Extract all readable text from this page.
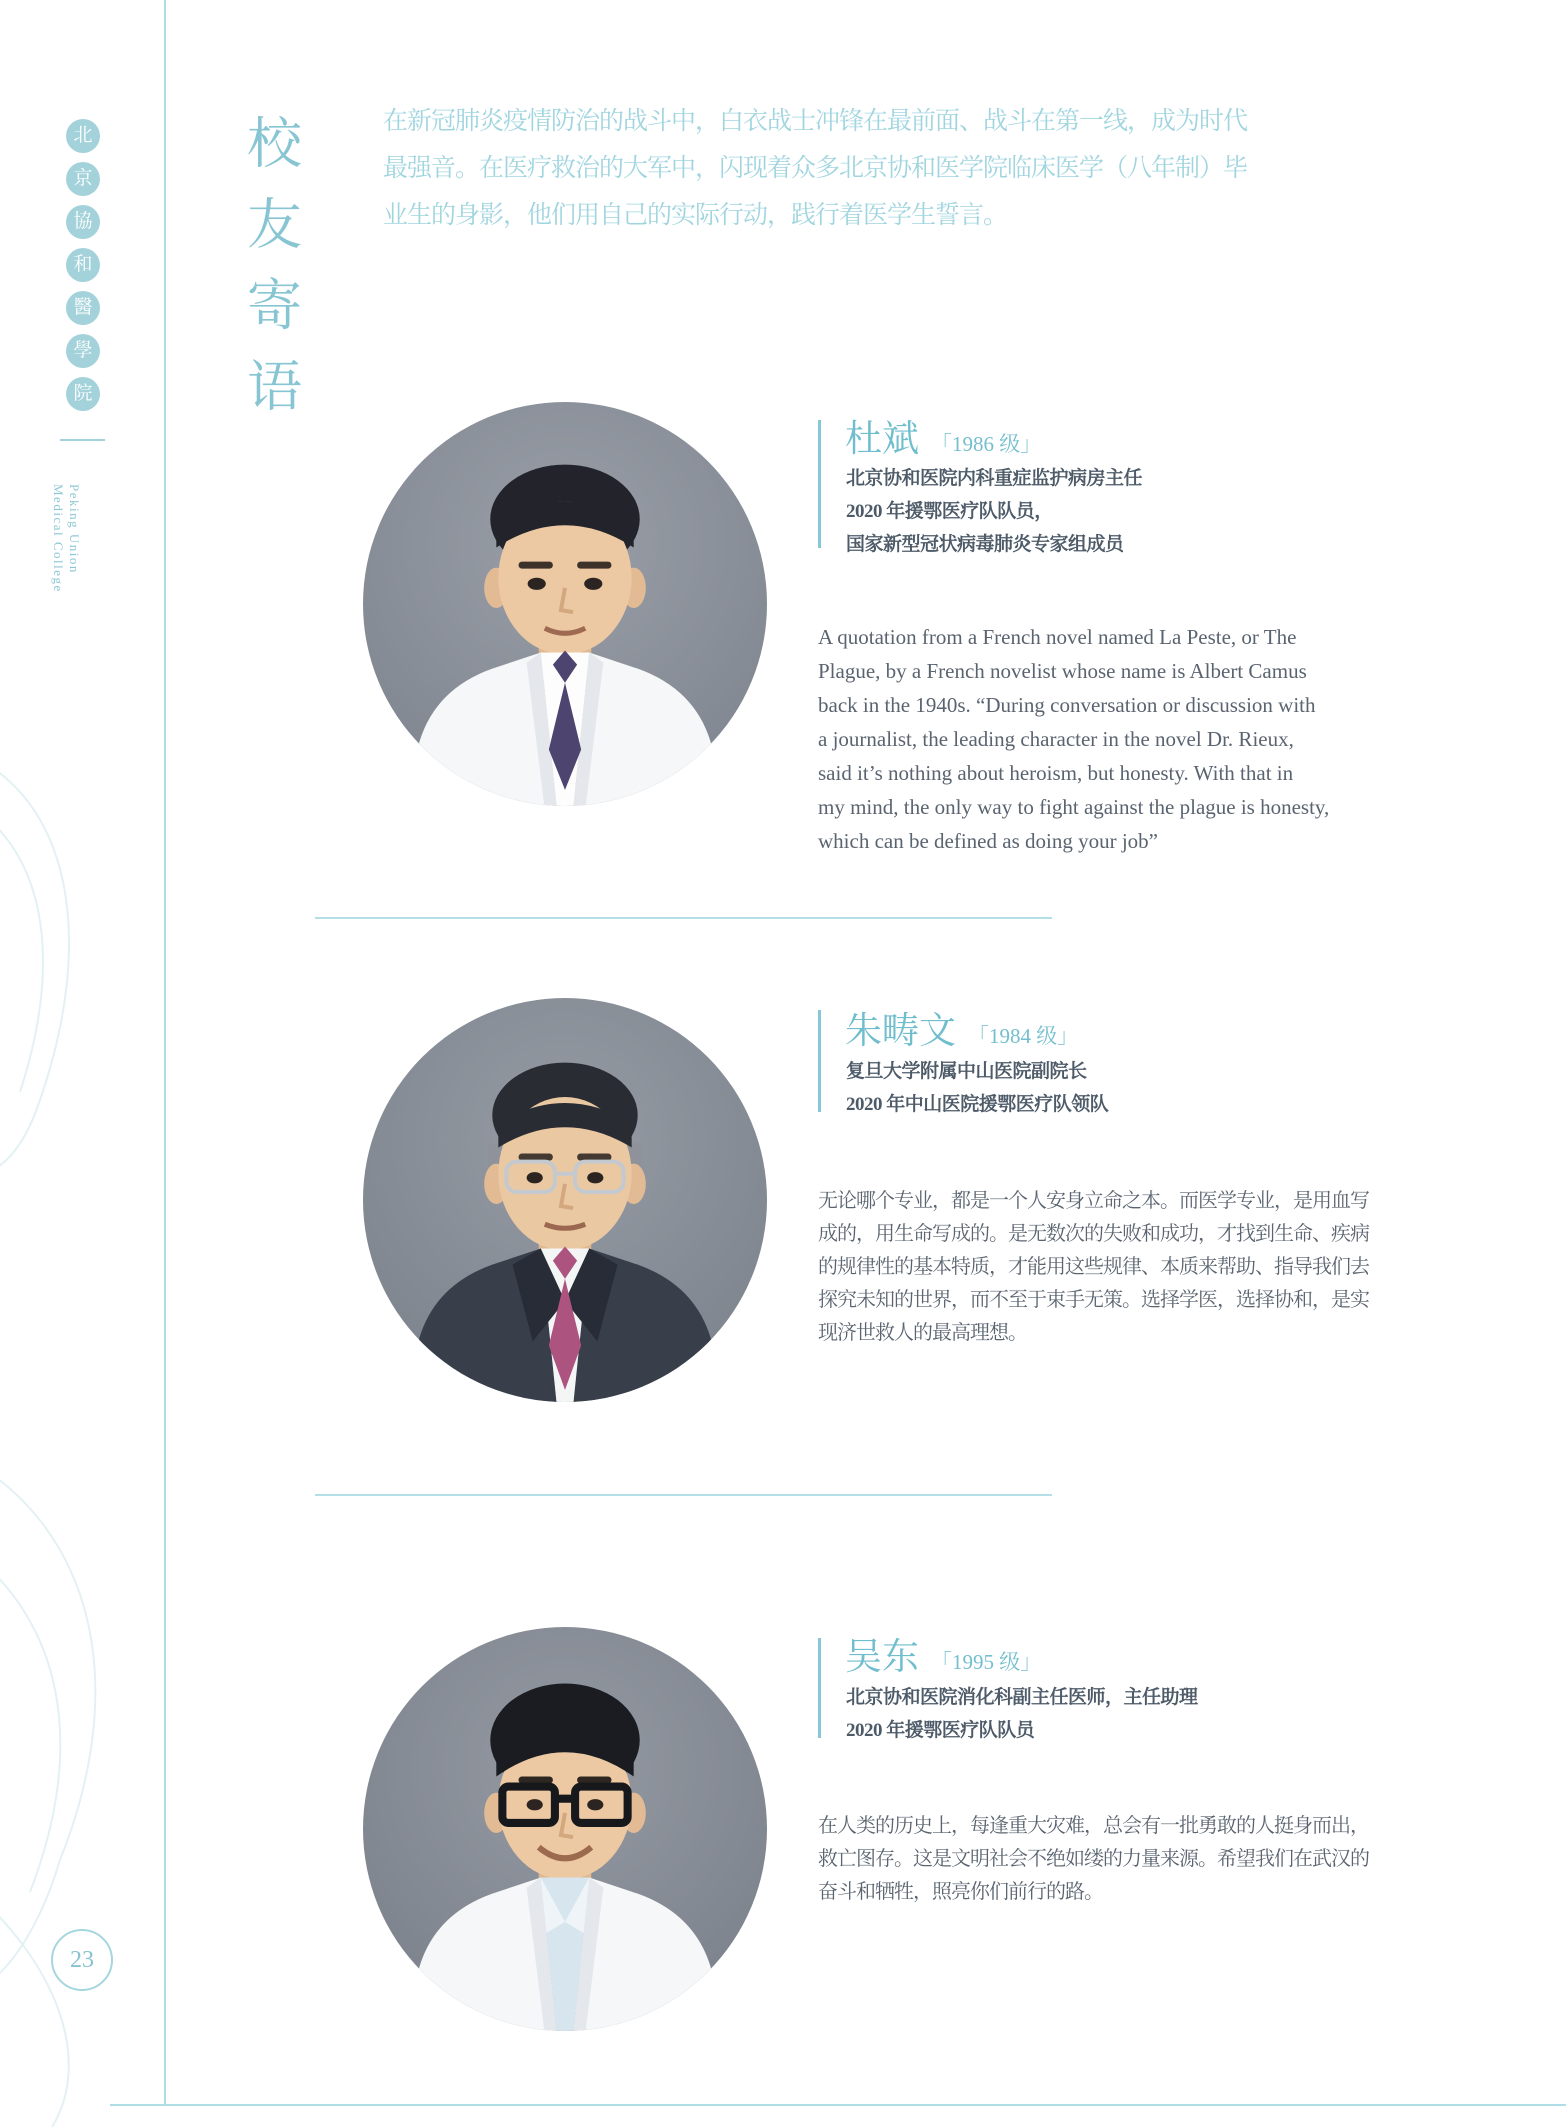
北
京
協
和
醫
學
院
Peking Union
Medical College
23
校友寄语	在新冠肺炎疫情防治的战斗中，白衣战士冲锋在最前面、战斗在第一线，成为时代
最强音。在医疗救治的大军中，闪现着众多北京协和医学院临床医学（八年制）毕
业生的身影，他们用自己的实际行动，践行着医学生誓言。
杜斌 「1986 级」
北京协和医院内科重症监护病房主任
2020 年援鄂医疗队队员，
国家新型冠状病毒肺炎专家组成员
A quotation from a French novel named La Peste, or The
Plague, by a French novelist whose name is Albert Camus
back in the 1940s. “During conversation or discussion with
a journalist, the leading character in the novel Dr. Rieux,
said it’s nothing about heroism, but honesty. With that in
my mind, the only way to fight against the plague is honesty,
which can be defined as doing your job”
朱畴文 「1984 级」
复旦大学附属中山医院副院长
2020 年中山医院援鄂医疗队领队
无论哪个专业，都是一个人安身立命之本。而医学专业，是用血写
成的，用生命写成的。是无数次的失败和成功，才找到生命、疾病
的规律性的基本特质，才能用这些规律、本质来帮助、指导我们去
探究未知的世界，而不至于束手无策。选择学医，选择协和，是实
现济世救人的最高理想。
吴东 「1995 级」
北京协和医院消化科副主任医师，主任助理
2020 年援鄂医疗队队员
在人类的历史上，每逢重大灾难，总会有一批勇敢的人挺身而出，
救亡图存。这是文明社会不绝如缕的力量来源。希望我们在武汉的
奋斗和牺牲，照亮你们前行的路。
